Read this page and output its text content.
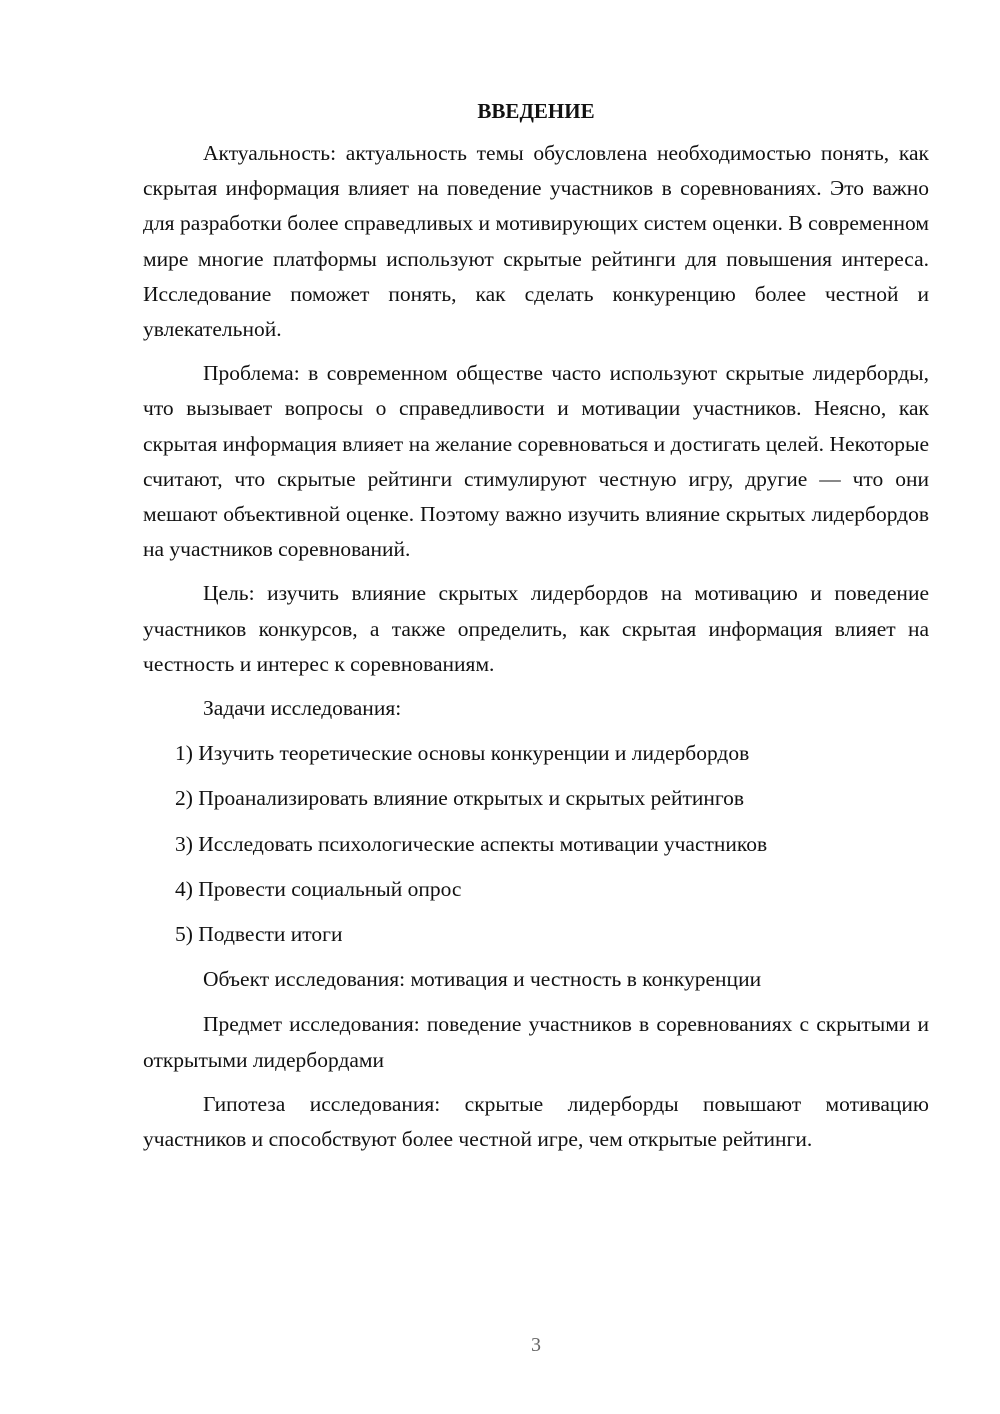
ВВЕДЕНИЕ

Актуальность: актуальность темы обусловлена необходимостью понять, как скрытая информация влияет на поведение участников в соревнованиях. Это важно для разработки более справедливых и мотивирующих систем оценки. В современном мире многие платформы используют скрытые рейтинги для повышения интереса. Исследование поможет понять, как сделать конкуренцию более честной и увлекательной.

Проблема: в современном обществе часто используют скрытые лидерборды, что вызывает вопросы о справедливости и мотивации участников. Неясно, как скрытая информация влияет на желание соревноваться и достигать целей. Некоторые считают, что скрытые рейтинги стимулируют честную игру, другие — что они мешают объективной оценке. Поэтому важно изучить влияние скрытых лидербордов на участников соревнований.

Цель: изучить влияние скрытых лидербордов на мотивацию и поведение участников конкурсов, а также определить, как скрытая информация влияет на честность и интерес к соревнованиям.

Задачи исследования:

1) Изучить теоретические основы конкуренции и лидербордов
2) Проанализировать влияние открытых и скрытых рейтингов
3) Исследовать психологические аспекты мотивации участников
4) Провести социальный опрос
5) Подвести итоги

Объект исследования: мотивация и честность в конкуренции

Предмет исследования: поведение участников в соревнованиях с скрытыми и открытыми лидербордами

Гипотеза исследования: скрытые лидерборды повышают мотивацию участников и способствуют более честной игре, чем открытые рейтинги.

3
